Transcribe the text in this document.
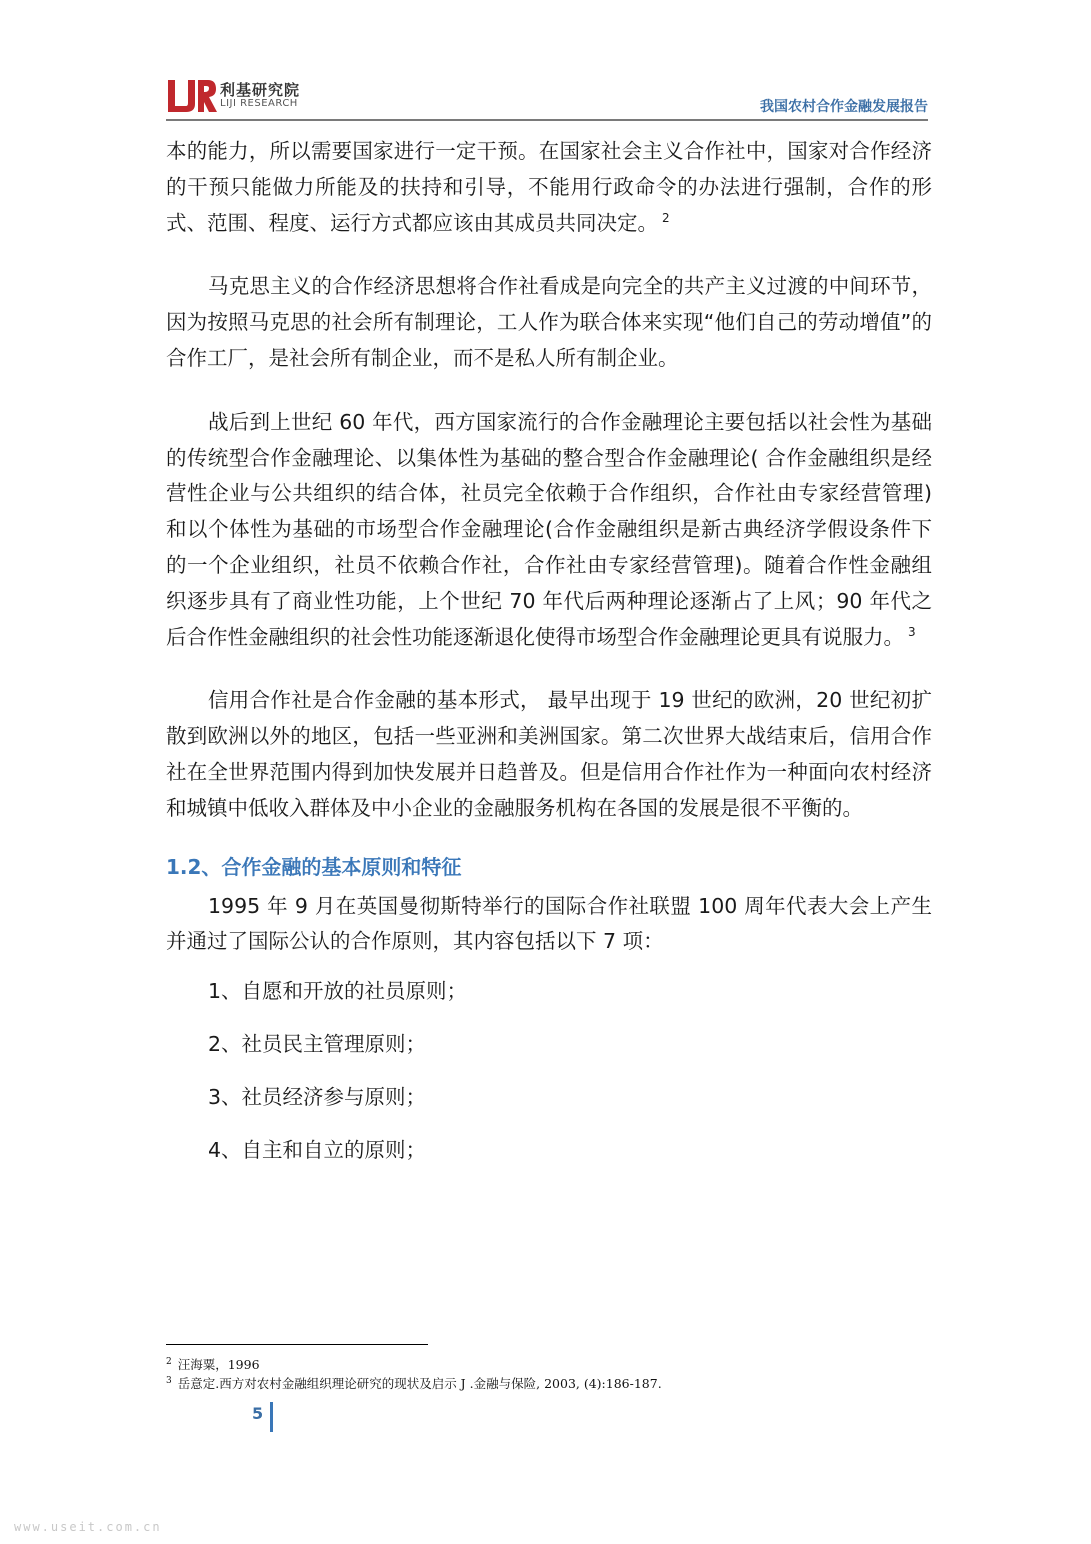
利基研究院
LIJI RESEARCH	我国农村合作金融发展报告

本的能力，所以需要国家进行一定干预。在国家社会主义合作社中，国家对合作经济的干预只能做力所能及的扶持和引导，不能用行政命令的办法进行强制，合作的形式、范围、程度、运行方式都应该由其成员共同决定。 $^2$

马克思主义的合作经济思想将合作社看成是向完全的共产主义过渡的中间环节，因为按照马克思的社会所有制理论，工人作为联合体来实现“他们自己的劳动增值”的合作工厂，是社会所有制企业，而不是私人所有制企业。

战后到上世纪 60 年代，西方国家流行的合作金融理论主要包括以社会性为基础的传统型合作金融理论、以集体性为基础的整合型合作金融理论( 合作金融组织是经营性企业与公共组织的结合体，社员完全依赖于合作组织，合作社由专家经营管理) 和以个体性为基础的市场型合作金融理论(合作金融组织是新古典经济学假设条件下的一个企业组织，社员不依赖合作社，合作社由专家经营管理)。随着合作性金融组织逐步具有了商业性功能，上个世纪 70 年代后两种理论逐渐占了上风；90 年代之后合作性金融组织的社会性功能逐渐退化使得市场型合作金融理论更具有说服力。 $^3$

信用合作社是合作金融的基本形式， 最早出现于 19 世纪的欧洲，20 世纪初扩散到欧洲以外的地区，包括一些亚洲和美洲国家。第二次世界大战结束后，信用合作社在全世界范围内得到加快发展并日趋普及。但是信用合作社作为一种面向农村经济和城镇中低收入群体及中小企业的金融服务机构在各国的发展是很不平衡的。

1.2、合作金融的基本原则和特征

1995 年 9 月在英国曼彻斯特举行的国际合作社联盟 100 周年代表大会上产生并通过了国际公认的合作原则，其内容包括以下 7 项：

1、自愿和开放的社员原则；

2、社员民主管理原则；

3、社员经济参与原则；

4、自主和自立的原则；

$^2$ 汪海粟，1996
$^3$ 岳意定.西方对农村金融组织理论研究的现状及启示 J .金融与保险, 2003, (4):186-187.
5
www.useit.com.cn
